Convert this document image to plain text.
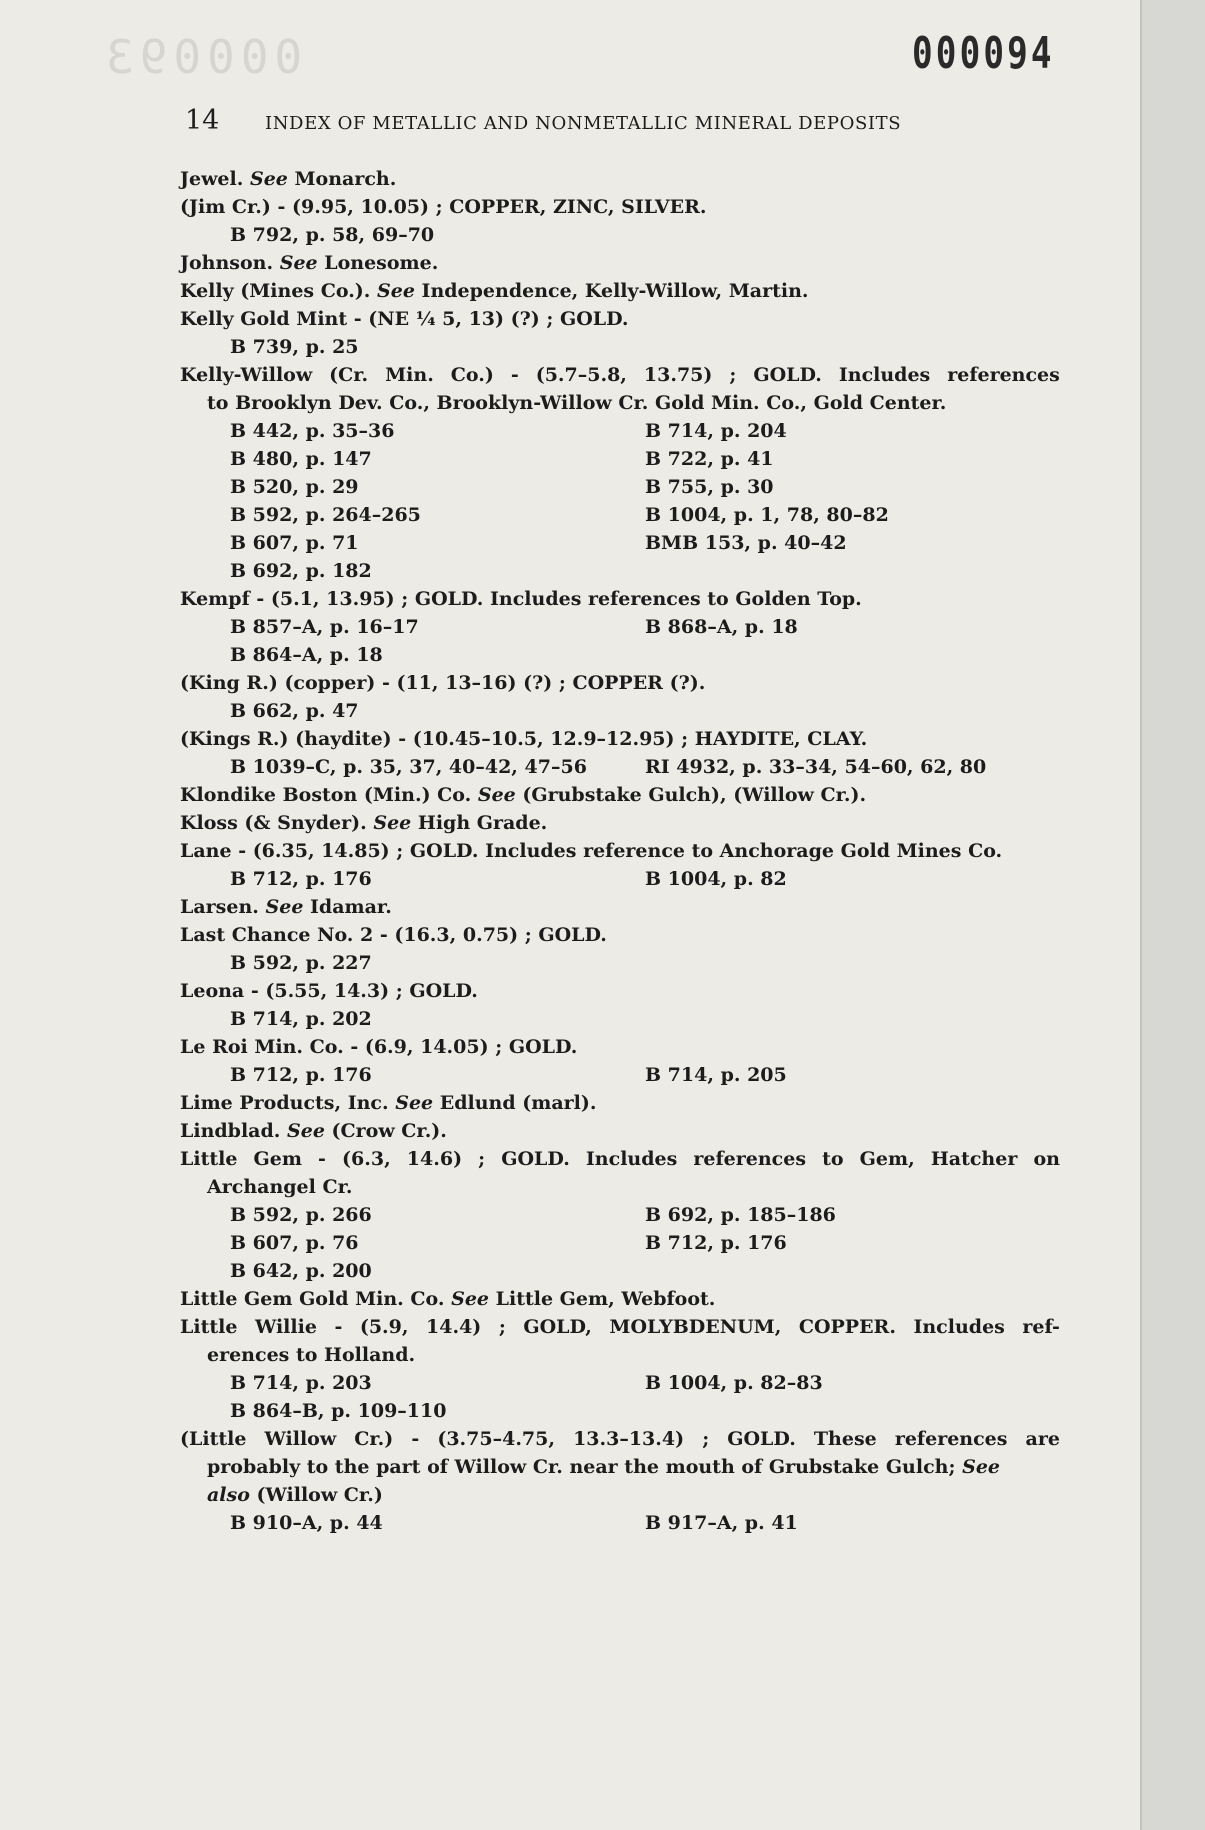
000093	000094
14	INDEX OF METALLIC AND NONMETALLIC MINERAL DEPOSITS
Jewel. See Monarch.
(Jim Cr.) - (9.95, 10.05) ; COPPER, ZINC, SILVER.
B 792, p. 58, 69–70
Johnson. See Lonesome.
Kelly (Mines Co.). See Independence, Kelly-Willow, Martin.
Kelly Gold Mint - (NE ¼ 5, 13) (?) ; GOLD.
B 739, p. 25
Kelly-Willow (Cr. Min. Co.) - (5.7–5.8, 13.75) ; GOLD. Includes references
to Brooklyn Dev. Co., Brooklyn-Willow Cr. Gold Min. Co., Gold Center.
B 442, p. 35–36	B 714, p. 204
B 480, p. 147	B 722, p. 41
B 520, p. 29	B 755, p. 30
B 592, p. 264–265	B 1004, p. 1, 78, 80–82
B 607, p. 71	BMB 153, p. 40–42
B 692, p. 182
Kempf - (5.1, 13.95) ; GOLD. Includes references to Golden Top.
B 857–A, p. 16–17	B 868–A, p. 18
B 864–A, p. 18
(King R.) (copper) - (11, 13–16) (?) ; COPPER (?).
B 662, p. 47
(Kings R.) (haydite) - (10.45–10.5, 12.9–12.95) ; HAYDITE, CLAY.
B 1039–C, p. 35, 37, 40–42, 47–56	RI 4932, p. 33–34, 54–60, 62, 80
Klondike Boston (Min.) Co. See (Grubstake Gulch), (Willow Cr.).
Kloss (& Snyder). See High Grade.
Lane - (6.35, 14.85) ; GOLD. Includes reference to Anchorage Gold Mines Co.
B 712, p. 176	B 1004, p. 82
Larsen. See Idamar.
Last Chance No. 2 - (16.3, 0.75) ; GOLD.
B 592, p. 227
Leona - (5.55, 14.3) ; GOLD.
B 714, p. 202
Le Roi Min. Co. - (6.9, 14.05) ; GOLD.
B 712, p. 176	B 714, p. 205
Lime Products, Inc. See Edlund (marl).
Lindblad. See (Crow Cr.).
Little Gem - (6.3, 14.6) ; GOLD. Includes references to Gem, Hatcher on
Archangel Cr.
B 592, p. 266	B 692, p. 185–186
B 607, p. 76	B 712, p. 176
B 642, p. 200
Little Gem Gold Min. Co. See Little Gem, Webfoot.
Little Willie - (5.9, 14.4) ; GOLD, MOLYBDENUM, COPPER. Includes ref-
erences to Holland.
B 714, p. 203	B 1004, p. 82–83
B 864–B, p. 109–110
(Little Willow Cr.) - (3.75–4.75, 13.3–13.4) ; GOLD. These references are
probably to the part of Willow Cr. near the mouth of Grubstake Gulch; See
also (Willow Cr.)
B 910–A, p. 44	B 917–A, p. 41
